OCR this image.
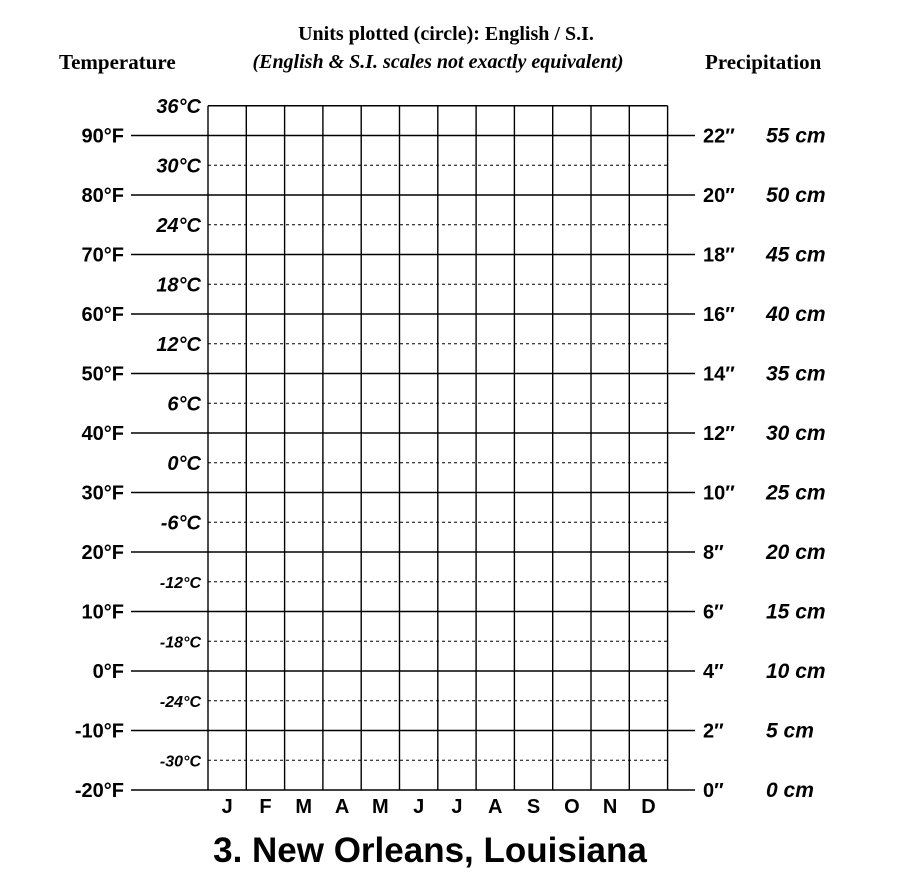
-20°F
-10°F
0°F
10°F
20°F
30°F
40°F
50°F
60°F
70°F
80°F
90°F
-30°C
-24°C
-18°C
-12°C
-6°C
0°C
6°C
12°C
18°C
24°C
30°C
36°C
0″ 0 cm
2″ 5 cm
4″ 10 cm
6″ 15 cm
8″ 20 cm
10″ 25 cm
12″ 30 cm
14″ 35 cm
16″ 40 cm
18″ 45 cm
20″ 50 cm
22″ 55 cm
J F M A M J J A S O N D
Units plotted (circle): English / S.I.
(English & S.I. scales not exactly equivalent)
Temperature	Precipitation
3. New Orleans, Louisiana
